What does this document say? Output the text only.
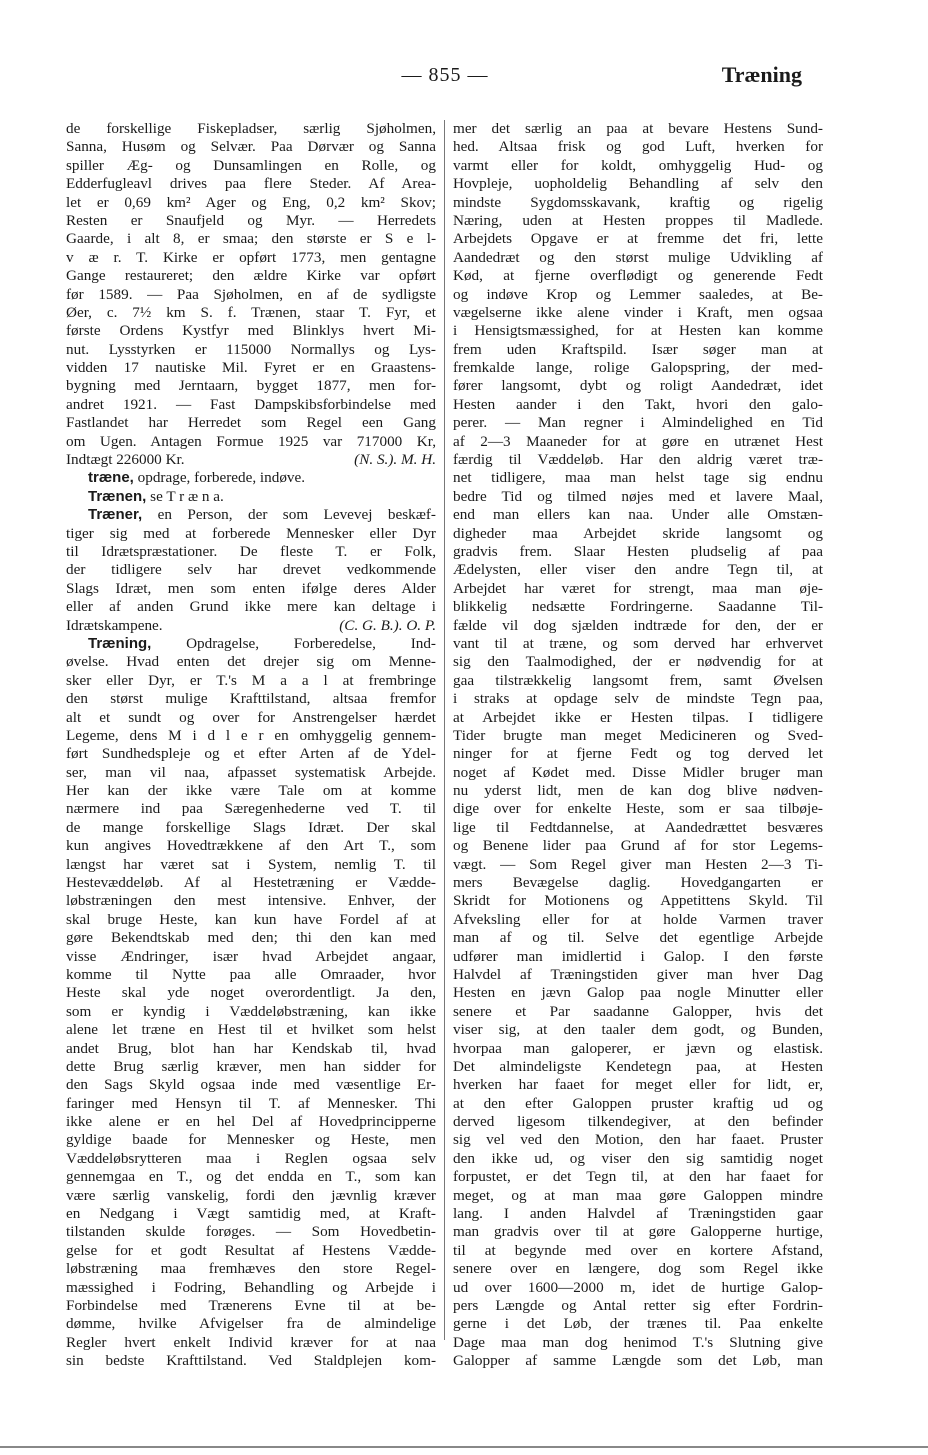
— 855 —	Træning
de forskellige Fiskepladser, særlig Sjøholmen,
Sanna, Husøm og Selvær. Paa Dørvær og Sanna
spiller Æg- og Dunsamlingen en Rolle, og
Edderfugleavl drives paa flere Steder. Af Area-
let er 0,69 km² Ager og Eng, 0,2 km² Skov;
Resten er Snaufjeld og Myr. — Herredets
Gaarde, i alt 8, er smaa; den største er S e l-
v æ r. T. Kirke er opført 1773, men gentagne
Gange restaureret; den ældre Kirke var opført
før 1589. — Paa Sjøholmen, en af de sydligste
Øer, c. 7½ km S. f. Trænen, staar T. Fyr, et
første Ordens Kystfyr med Blinklys hvert Mi-
nut. Lysstyrken er 115000 Normallys og Lys-
vidden 17 nautiske Mil. Fyret er en Graastens-
bygning med Jerntaarn, bygget 1877, men for-
andret 1921. — Fast Dampskibsforbindelse med
Fastlandet har Herredet som Regel een Gang
om Ugen. Antagen Formue 1925 var 717000 Kr,
Indtægt 226000 Kr.	(N. S.). M. H.
træne, opdrage, forberede, indøve.
Trænen, se T r æ n a.
Træner, en Person, der som Levevej beskæf-
tiger sig med at forberede Mennesker eller Dyr
til Idrætspræstationer. De fleste T. er Folk,
der tidligere selv har drevet vedkommende
Slags Idræt, men som enten ifølge deres Alder
eller af anden Grund ikke mere kan deltage i
Idrætskampene.	(C. G. B.). O. P.
Træning, Opdragelse, Forberedelse, Ind-
øvelse. Hvad enten det drejer sig om Menne-
sker eller Dyr, er T.'s M a a l at frembringe
den størst mulige Krafttilstand, altsaa fremfor
alt et sundt og over for Anstrengelser hærdet
Legeme, dens M i d l e r en omhyggelig gennem-
ført Sundhedspleje og et efter Arten af de Ydel-
ser, man vil naa, afpasset systematisk Arbejde.
Her kan der ikke være Tale om at komme
nærmere ind paa Særegenhederne ved T. til
de mange forskellige Slags Idræt. Der skal
kun angives Hovedtrækkene af den Art T., som
længst har været sat i System, nemlig T. til
Hestevæddeløb. Af al Hestetræning er Vædde-
løbstræningen den mest intensive. Enhver, der
skal bruge Heste, kan kun have Fordel af at
gøre Bekendtskab med den; thi den kan med
visse Ændringer, især hvad Arbejdet angaar,
komme til Nytte paa alle Omraader, hvor
Heste skal yde noget overordentligt. Ja den,
som er kyndig i Væddeløbstræning, kan ikke
alene let træne en Hest til et hvilket som helst
andet Brug, blot han har Kendskab til, hvad
dette Brug særlig kræver, men han sidder for
den Sags Skyld ogsaa inde med væsentlige Er-
faringer med Hensyn til T. af Mennesker. Thi
ikke alene er en hel Del af Hovedprincipperne
gyldige baade for Mennesker og Heste, men
Væddeløbsrytteren maa i Reglen ogsaa selv
gennemgaa en T., og det endda en T., som kan
være særlig vanskelig, fordi den jævnlig kræver
en Nedgang i Vægt samtidig med, at Kraft-
tilstanden skulde forøges. — Som Hovedbetin-
gelse for et godt Resultat af Hestens Vædde-
løbstræning maa fremhæves den store Regel-
mæssighed i Fodring, Behandling og Arbejde i
Forbindelse med Trænerens Evne til at be-
dømme, hvilke Afvigelser fra de almindelige
Regler hvert enkelt Individ kræver for at naa
sin bedste Krafttilstand. Ved Staldplejen kom-
mer det særlig an paa at bevare Hestens Sund-
hed. Altsaa frisk og god Luft, hverken for
varmt eller for koldt, omhyggelig Hud- og
Hovpleje, uopholdelig Behandling af selv den
mindste Sygdomsskavank, kraftig og rigelig
Næring, uden at Hesten proppes til Madlede.
Arbejdets Opgave er at fremme det fri, lette
Aandedræt og den størst mulige Udvikling af
Kød, at fjerne overflødigt og generende Fedt
og indøve Krop og Lemmer saaledes, at Be-
vægelserne ikke alene vinder i Kraft, men ogsaa
i Hensigtsmæssighed, for at Hesten kan komme
frem uden Kraftspild. Især søger man at
fremkalde lange, rolige Galopspring, der med-
fører langsomt, dybt og roligt Aandedræt, idet
Hesten aander i den Takt, hvori den galo-
perer. — Man regner i Almindelighed en Tid
af 2—3 Maaneder for at gøre en utrænet Hest
færdig til Væddeløb. Har den aldrig været træ-
net tidligere, maa man helst tage sig endnu
bedre Tid og tilmed nøjes med et lavere Maal,
end man ellers kan naa. Under alle Omstæn-
digheder maa Arbejdet skride langsomt og
gradvis frem. Slaar Hesten pludselig af paa
Ædelysten, eller viser den andre Tegn til, at
Arbejdet har været for strengt, maa man øje-
blikkelig nedsætte Fordringerne. Saadanne Til-
fælde vil dog sjælden indtræde for den, der er
vant til at træne, og som derved har erhvervet
sig den Taalmodighed, der er nødvendig for at
gaa tilstrækkelig langsomt frem, samt Øvelsen
i straks at opdage selv de mindste Tegn paa,
at Arbejdet ikke er Hesten tilpas. I tidligere
Tider brugte man meget Medicineren og Sved-
ninger for at fjerne Fedt og tog derved let
noget af Kødet med. Disse Midler bruger man
nu yderst lidt, men de kan dog blive nødven-
dige over for enkelte Heste, som er saa tilbøje-
lige til Fedtdannelse, at Aandedrættet besværes
og Benene lider paa Grund af for stor Legems-
vægt. — Som Regel giver man Hesten 2—3 Ti-
mers Bevægelse daglig. Hovedgangarten er
Skridt for Motionens og Appetittens Skyld. Til
Afveksling eller for at holde Varmen traver
man af og til. Selve det egentlige Arbejde
udfører man imidlertid i Galop. I den første
Halvdel af Træningstiden giver man hver Dag
Hesten en jævn Galop paa nogle Minutter eller
senere et Par saadanne Galopper, hvis det
viser sig, at den taaler dem godt, og Bunden,
hvorpaa man galoperer, er jævn og elastisk.
Det almindeligste Kendetegn paa, at Hesten
hverken har faaet for meget eller for lidt, er,
at den efter Galoppen pruster kraftig ud og
derved ligesom tilkendegiver, at den befinder
sig vel ved den Motion, den har faaet. Pruster
den ikke ud, og viser den sig samtidig noget
forpustet, er det Tegn til, at den har faaet for
meget, og at man maa gøre Galoppen mindre
lang. I anden Halvdel af Træningstiden gaar
man gradvis over til at gøre Galopperne hurtige,
til at begynde med over en kortere Afstand,
senere over en længere, dog som Regel ikke
ud over 1600—2000 m, idet de hurtige Galop-
pers Længde og Antal retter sig efter Fordrin-
gerne i det Løb, der trænes til. Paa enkelte
Dage maa man dog henimod T.'s Slutning give
Galopper af samme Længde som det Løb, man
